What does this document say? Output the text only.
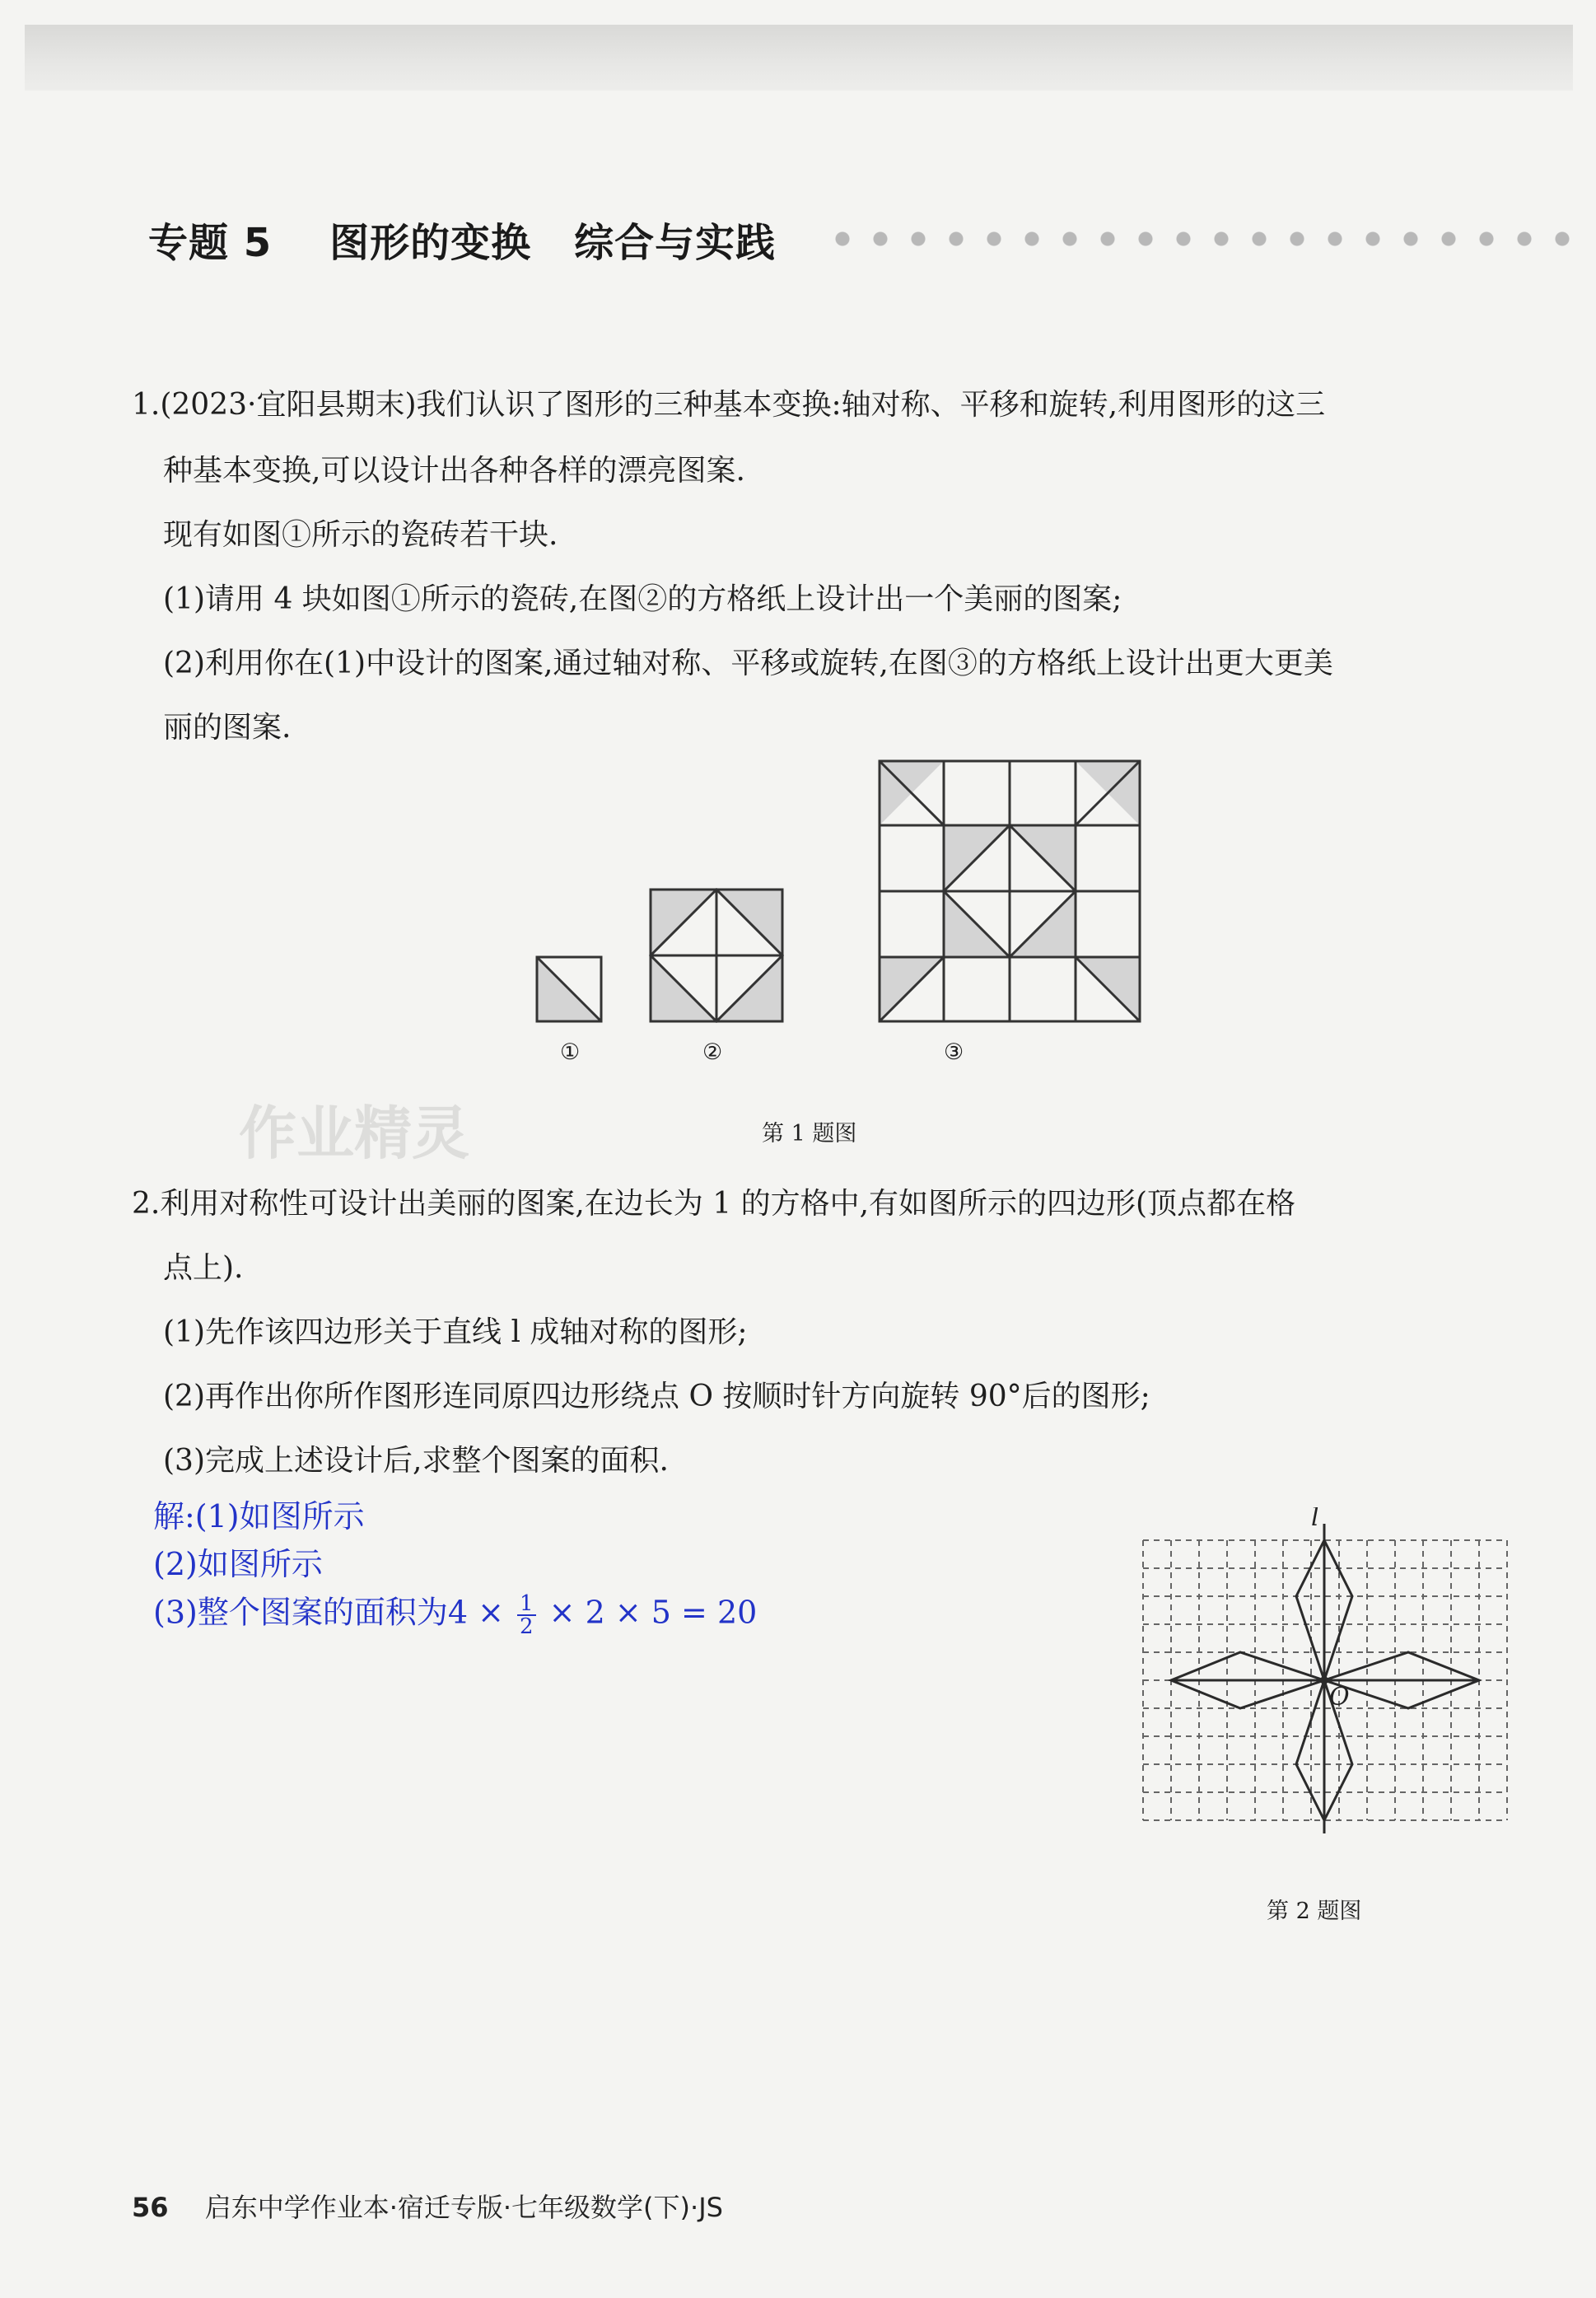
专题 5 图形的变换 综合与实践
1.(2023·宜阳县期末)我们认识了图形的三种基本变换:轴对称、平移和旋转,利用图形的这三
种基本变换,可以设计出各种各样的漂亮图案.
现有如图①所示的瓷砖若干块.
(1)请用 4 块如图①所示的瓷砖,在图②的方格纸上设计出一个美丽的图案;
(2)利用你在(1)中设计的图案,通过轴对称、平移或旋转,在图③的方格纸上设计出更大更美
丽的图案.
①	②	③
第 1 题图
作业精灵
2.利用对称性可设计出美丽的图案,在边长为 1 的方格中,有如图所示的四边形(顶点都在格
点上).
(1)先作该四边形关于直线 l 成轴对称的图形;
(2)再作出你所作图形连同原四边形绕点 O 按顺时针方向旋转 90°后的图形;
(3)完成上述设计后,求整个图案的面积.
解:(1)如图所示
(2)如图所示
(3)整个图案的面积为$4 \times \frac{1}{2} \times 2 \times 5 = 20$
l
O
第 2 题图
56 启东中学作业本·宿迁专版·七年级数学(下)·JS
